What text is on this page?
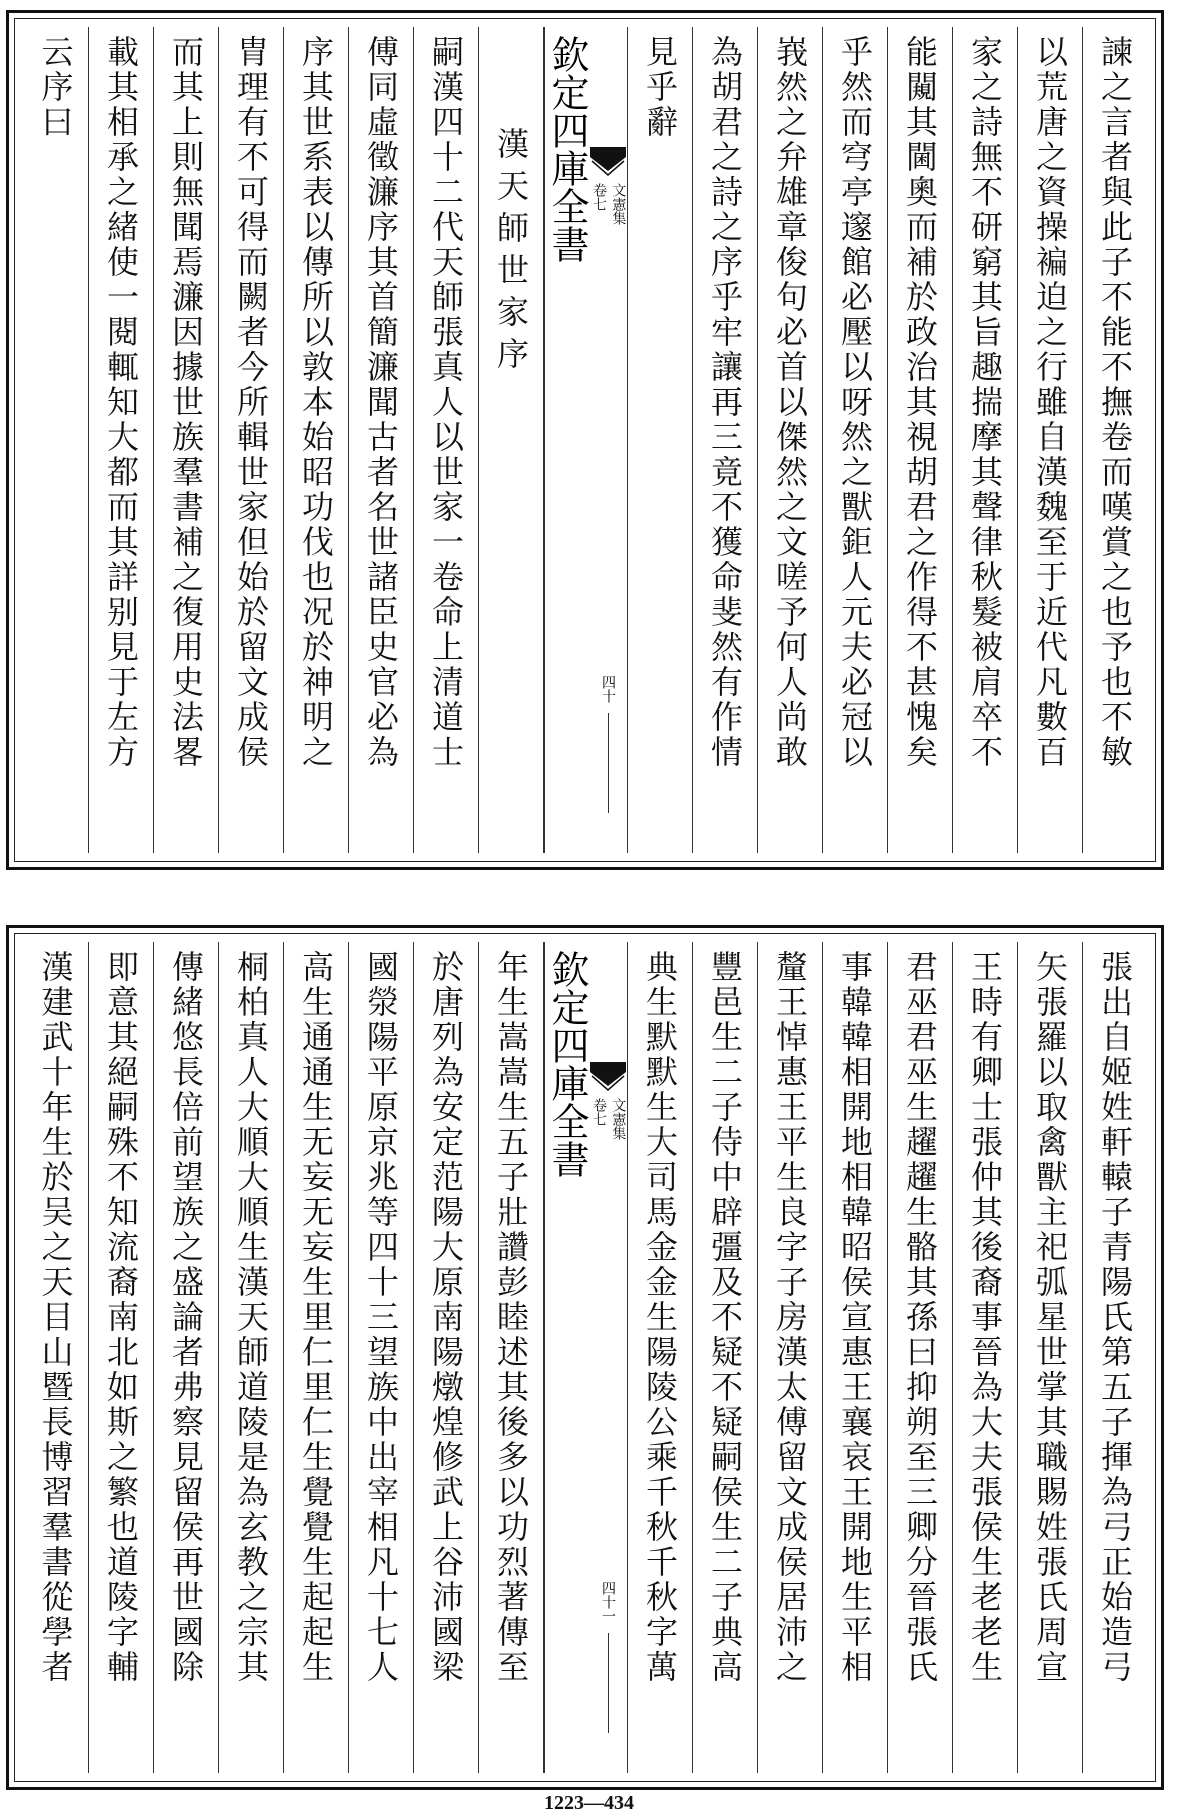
諫之言者與此子不能不撫卷而嘆賞之也予也不敏
以荒唐之資操褊迫之行雖自漢魏至于近代凡數百
家之詩無不研窮其旨趣揣摩其聲律秋髮被肩卒不
能闚其閫奧而補於政治其視胡君之作得不甚愧矣
乎然而穹亭邃館必壓以呀然之獸鉅人元夫必冠以
峩然之弁雄章俊句必首以傑然之文嗟予何人尚敢
為胡君之詩之序乎牢讓再三竟不獲命斐然有作情
見乎辭
文憲集
卷七
四十
欽定四庫全書
漢天師世家序
嗣漢四十二代天師張真人以世家一卷命上清道士
傅同虛徵濂序其首簡濂聞古者名世諸臣史官必為
序其世系表以傳所以敦本始昭功伐也况於神明之
胄理有不可得而闕者今所輯世家但始於留文成侯
而其上則無聞焉濂因據世族羣書補之復用史法畧
載其相承之緒使一閱輒知大都而其詳别見于左方
云序曰
張出自姬姓軒轅子青陽氏第五子揮為弓正始造弓
矢張羅以取禽獸主祀弧星世掌其職賜姓張氏周宣
王時有卿士張仲其後裔事晉為大夫張侯生老老生
君巫君巫生趯趯生骼其孫曰抑朔至三卿分晉張氏
事韓韓相開地相韓昭侯宣惠王襄哀王開地生平相
釐王悼惠王平生良字子房漢太傅留文成侯居沛之
豐邑生二子侍中辟彊及不疑不疑嗣侯生二子典高
典生默默生大司馬金金生陽陵公乘千秋千秋字萬
文憲集
卷七
四十一
欽定四庫全書
年生嵩嵩生五子壯讚彭睦述其後多以功烈著傳至
於唐列為安定范陽大原南陽燉煌修武上谷沛國梁
國滎陽平原京兆等四十三望族中出宰相凡十七人
高生通通生无妄无妄生里仁里仁生覺覺生起起生
桐柏真人大順大順生漢天師道陵是為玄教之宗其
傳緒悠長倍前望族之盛論者弗察見留侯再世國除
即意其絕嗣殊不知流裔南北如斯之繁也道陵字輔
漢建武十年生於吴之天目山暨長博習羣書從學者
1223—434
